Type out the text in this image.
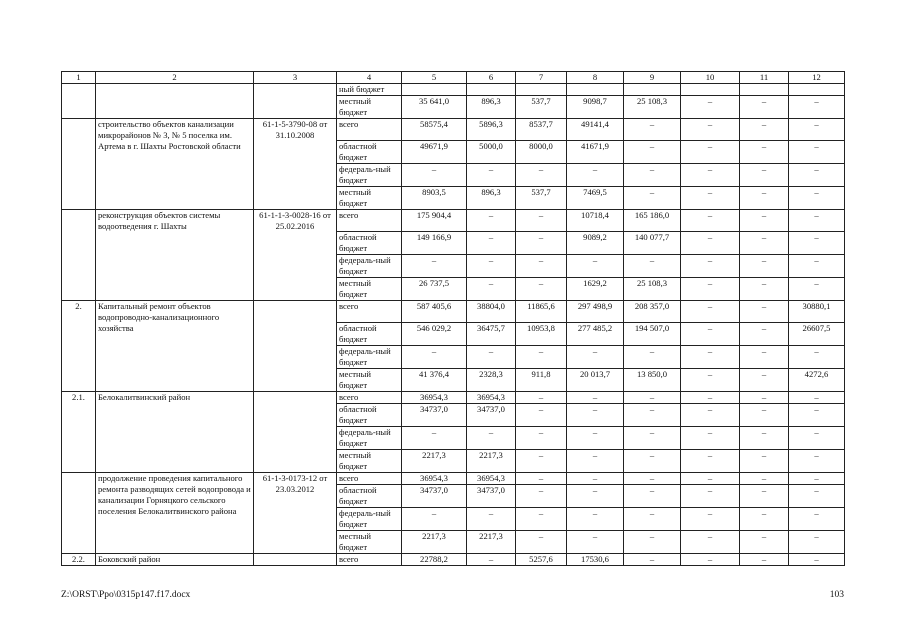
1	2	3	4	5	6	7	8	9	10	11	12
			ный бюджет								
			местный бюджет	35 641,0	896,3	537,7	9098,7	25 108,3	–	–	–
	строительство объектов канализации микрорайонов № 3, № 5 поселка им. Артема в г. Шахты Ростовской области	61-1-5-3790-08 от 31.10.2008	всего	58575,4	5896,3	8537,7	49141,4	–	–	–	–
			областной бюджет	49671,9	5000,0	8000,0	41671,9	–	–	–	–
			федераль-ный бюджет	–	–	–	–	–	–	–	–
			местный бюджет	8903,5	896,3	537,7	7469,5	–	–	–	–
	реконструкция объектов системы водоотведения г. Шахты	61-1-1-3-0028-16 от 25.02.2016	всего	175 904,4	–	–	10718,4	165 186,0	–	–	–
			областной бюджет	149 166,9	–	–	9089,2	140 077,7	–	–	–
			федераль-ный бюджет	–	–	–	–	–	–	–	–
			местный бюджет	26 737,5	–	–	1629,2	25 108,3	–	–	–
2.	Капитальный ремонт объектов водопроводно-канализационного хозяйства		всего	587 405,6	38804,0	11865,6	297 498,9	208 357,0	–	–	30880,1
			областной бюджет	546 029,2	36475,7	10953,8	277 485,2	194 507,0	–	–	26607,5
			федераль-ный бюджет	–	–	–	–	–	–	–	–
			местный бюджет	41 376,4	2328,3	911,8	20 013,7	13 850,0	–	–	4272,6
2.1.	Белокалитвинский район		всего	36954,3	36954,3	–	–	–	–	–	–
			областной бюджет	34737,0	34737,0	–	–	–	–	–	–
			федераль-ный бюджет	–	–	–	–	–	–	–	–
			местный бюджет	2217,3	2217,3	–	–	–	–	–	–
	продолжение проведения капитального ремонта разводящих сетей водопровода и канализации Горняцкого сельского поселения Белокалитвинского района	61-1-3-0173-12 от 23.03.2012	всего	36954,3	36954,3	–	–	–	–	–	–
			областной бюджет	34737,0	34737,0	–	–	–	–	–	–
			федераль-ный бюджет	–	–	–	–	–	–	–	–
			местный бюджет	2217,3	2217,3	–	–	–	–	–	–
2.2.	Боковский район		всего	22788,2	–	5257,6	17530,6	–	–	–	–
Z:\ORST\Ppo\0315p147.f17.docx	103
